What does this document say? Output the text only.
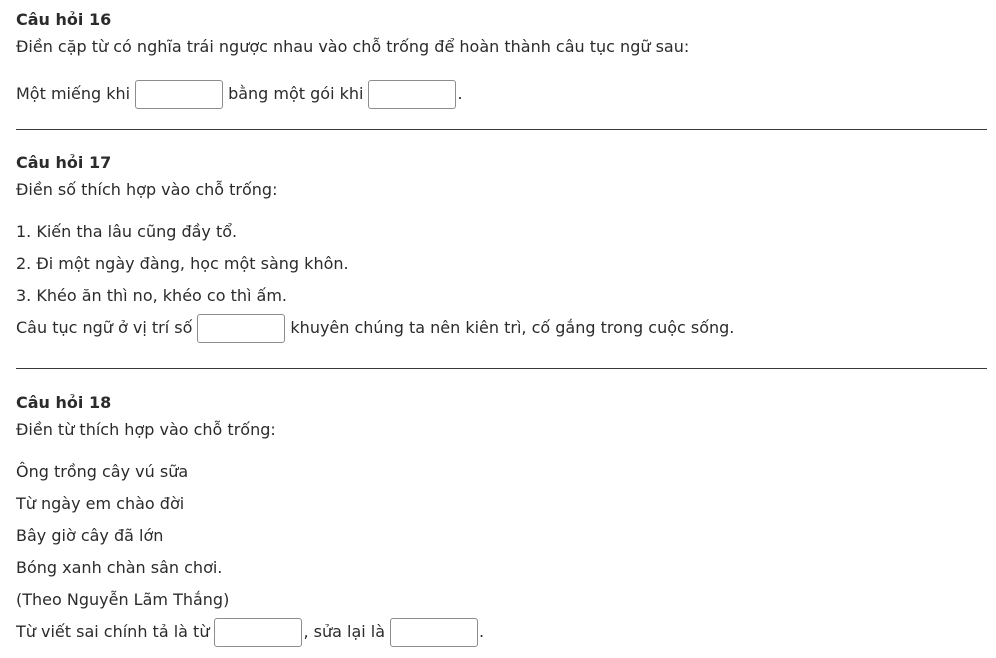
Câu hỏi 16

Điền cặp từ có nghĩa trái ngược nhau vào chỗ trống để hoàn thành câu tục ngữ sau:

Một miếng khi	bằng một gói khi	.

Câu hỏi 17

Điền số thích hợp vào chỗ trống:

1. Kiến tha lâu cũng đầy tổ.
2. Đi một ngày đàng, học một sàng khôn.
3. Khéo ăn thì no, khéo co thì ấm.
Câu tục ngữ ở vị trí số	khuyên chúng ta nên kiên trì, cố gắng trong cuộc sống.

Câu hỏi 18

Điền từ thích hợp vào chỗ trống:

Ông trồng cây vú sữa
Từ ngày em chào đời
Bây giờ cây đã lớn
Bóng xanh chàn sân chơi.
(Theo Nguyễn Lãm Thắng)
Từ viết sai chính tả là từ	, sửa lại là	.
